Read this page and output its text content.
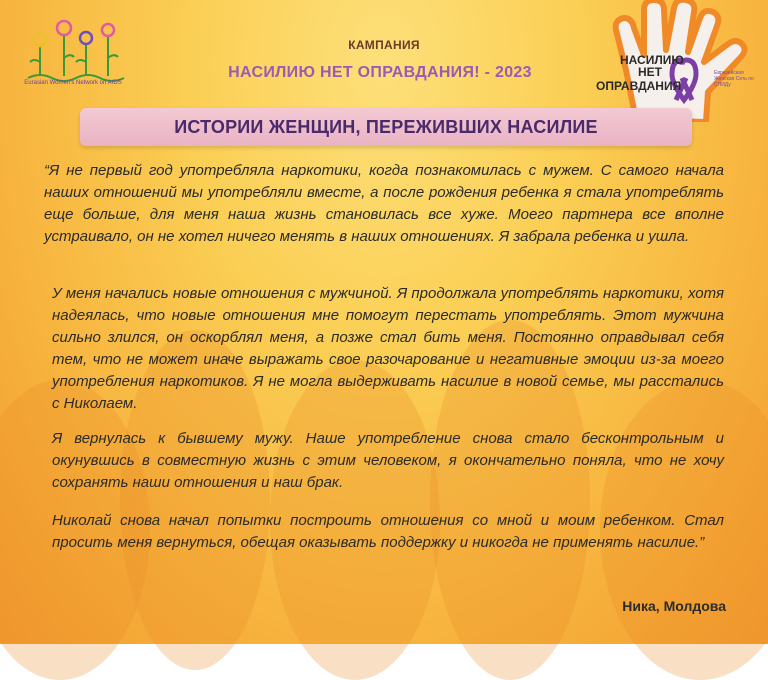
Eurasian Women's Network on AIDS
КАМПАНИЯ
НАСИЛИЮ НЕТ ОПРАВДАНИЯ! - 2023
НАСИЛИЮ
НЕТ
ОПРАВДАНИЯ
Евразийская Женская Сеть по СПИДу
ИСТОРИИ ЖЕНЩИН, ПЕРЕЖИВШИХ НАСИЛИЕ
“Я не первый год употребляла наркотики, когда познакомилась с мужем. С самого начала наших отношений мы употребляли вместе, а после рождения ребенка я стала употреблять еще больше, для меня наша жизнь становилась все хуже. Моего партнера все вполне устраивало, он не хотел ничего менять в наших отношениях. Я забрала ребенка и ушла.
У меня начались новые отношения с мужчиной. Я продолжала употреблять наркотики, хотя надеялась, что новые отношения мне помогут перестать употреблять. Этот мужчина сильно злился, он оскорблял меня, а позже стал бить меня. Постоянно оправдывал себя тем, что не может иначе выражать свое разочарование и негативные эмоции из-за моего употребления наркотиков. Я не могла выдерживать насилие в новой семье, мы расстались с Николаем.
Я вернулась к бывшему мужу. Наше употребление снова стало бесконтрольным и окунувшись в совместную жизнь с этим человеком, я окончательно поняла, что не хочу сохранять наши отношения и наш брак.
Николай снова начал попытки построить отношения со мной и моим ребенком. Стал просить меня вернуться, обещая оказывать поддержку и никогда не применять насилие.”
Ника, Молдова
